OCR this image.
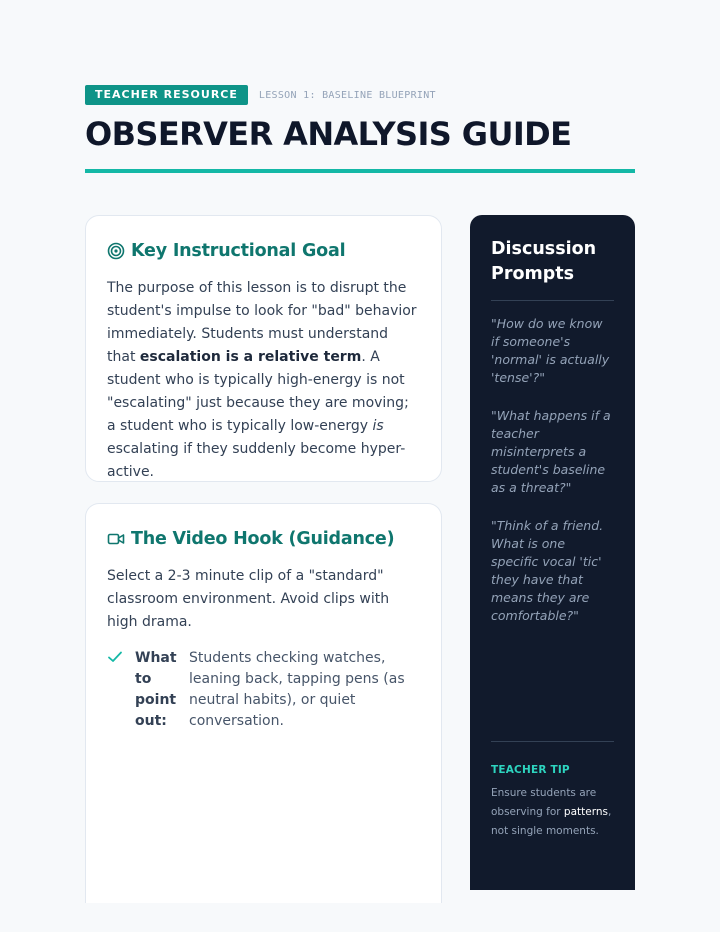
TEACHER RESOURCE	LESSON 1: BASELINE BLUEPRINT
OBSERVER ANALYSIS GUIDE
Key Instructional Goal

The purpose of this lesson is to disrupt the student's impulse to look for "bad" behavior immediately. Students must understand that escalation is a relative term. A student who is typically high-energy is not "escalating" just because they are moving; a student who is typically low-energy is escalating if they suddenly become hyper-active.

The Video Hook (Guidance)

Select a 2-3 minute clip of a "standard" classroom environment. Avoid clips with high drama.

What to point out:
Students checking watches, leaning back, tapping pens (as neutral habits), or quiet conversation.
Discussion Prompts

"How do we know if someone's 'normal' is actually 'tense'?"

"What happens if a teacher misinterprets a student's baseline as a threat?"

"Think of a friend. What is one specific vocal 'tic' they have that means they are comfortable?"

TEACHER TIP

Ensure students are observing for patterns, not single moments.
